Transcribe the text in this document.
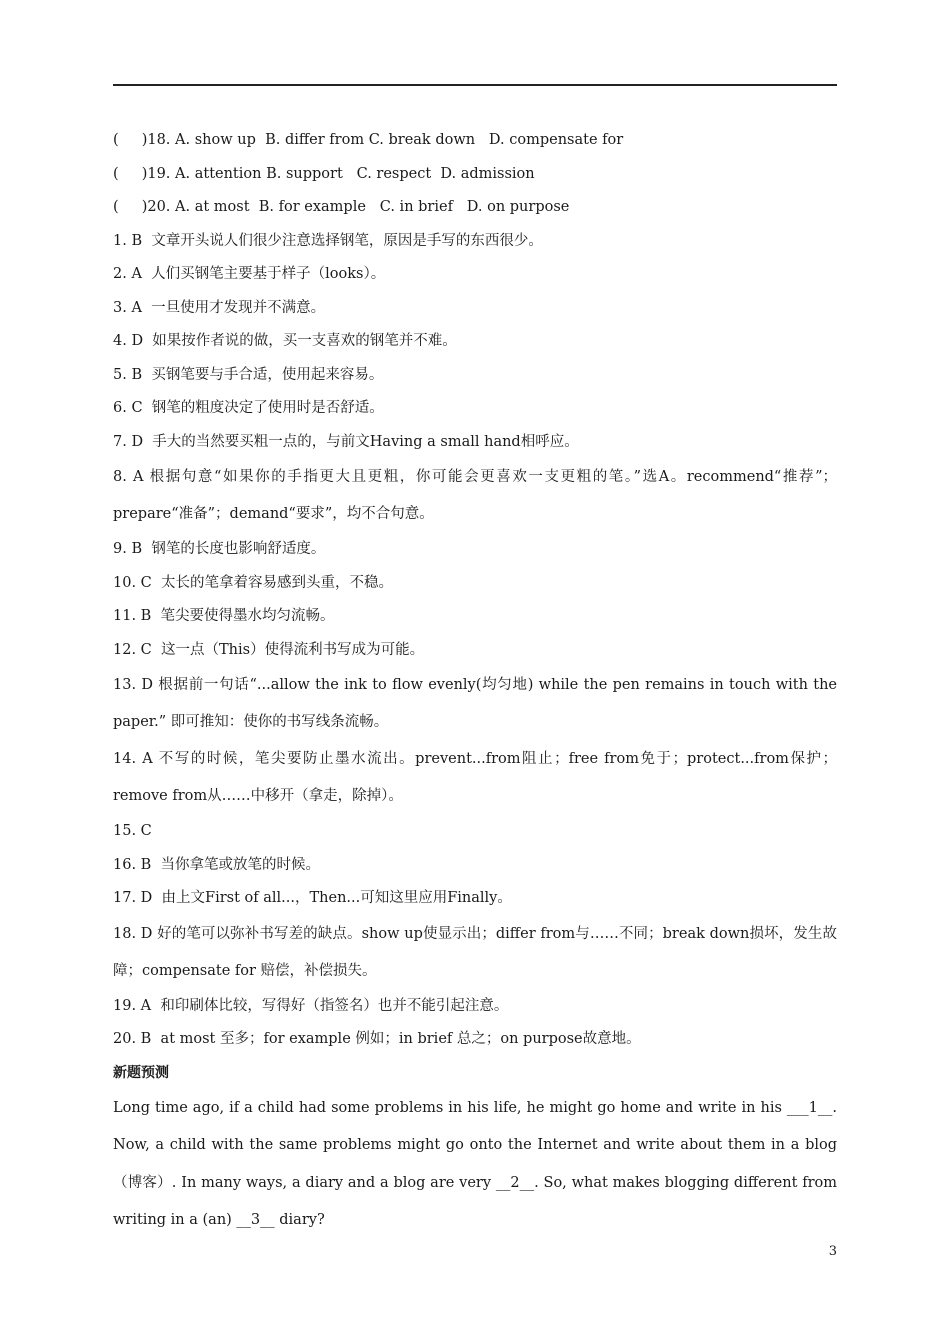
(     )18. A. show up  B. differ from C. break down   D. compensate for
(     )19. A. attention B. support   C. respect  D. admission
(     )20. A. at most  B. for example   C. in brief   D. on purpose
1. B  文章开头说人们很少注意选择钢笔，原因是手写的东西很少。
2. A  人们买钢笔主要基于样子（looks）。
3. A  一旦使用才发现并不满意。
4. D  如果按作者说的做，买一支喜欢的钢笔并不难。
5. B  买钢笔要与手合适，使用起来容易。
6. C  钢笔的粗度决定了使用时是否舒适。
7. D  手大的当然要买粗一点的，与前文Having a small hand相呼应。
8. A 根据句意“如果你的手指更大且更粗，你可能会更喜欢一支更粗的笔。”选A。recommend“推荐”；prepare“准备”；demand“要求”，均不合句意。
9. B  钢笔的长度也影响舒适度。
10. C  太长的笔拿着容易感到头重，不稳。
11. B  笔尖要使得墨水均匀流畅。
12. C  这一点（This）使得流利书写成为可能。
13. D 根据前一句话“...allow the ink to flow evenly(均匀地) while the pen remains in touch with the paper.” 即可推知：使你的书写线条流畅。
14. A 不写的时候，笔尖要防止墨水流出。prevent...from阻止；free from免于；protect...from保护；remove from从……中移开（拿走，除掉）。
15. C
16. B  当你拿笔或放笔的时候。
17. D  由上文First of all...，Then...可知这里应用Finally。
18. D 好的笔可以弥补书写差的缺点。show up使显示出；differ from与……不同；break down损坏，发生故障；compensate for 赔偿，补偿损失。
19. A  和印刷体比较，写得好（指签名）也并不能引起注意。
20. B  at most 至多；for example 例如；in brief 总之；on purpose故意地。
新题预测
Long time ago, if a child had some problems in his life, he might go home and write in his ___1__. Now, a child with the same problems might go onto the Internet and write about them in a blog（博客）. In many ways, a diary and a blog are very __2__. So, what makes blogging different from writing in a (an) __3__ diary?
3
